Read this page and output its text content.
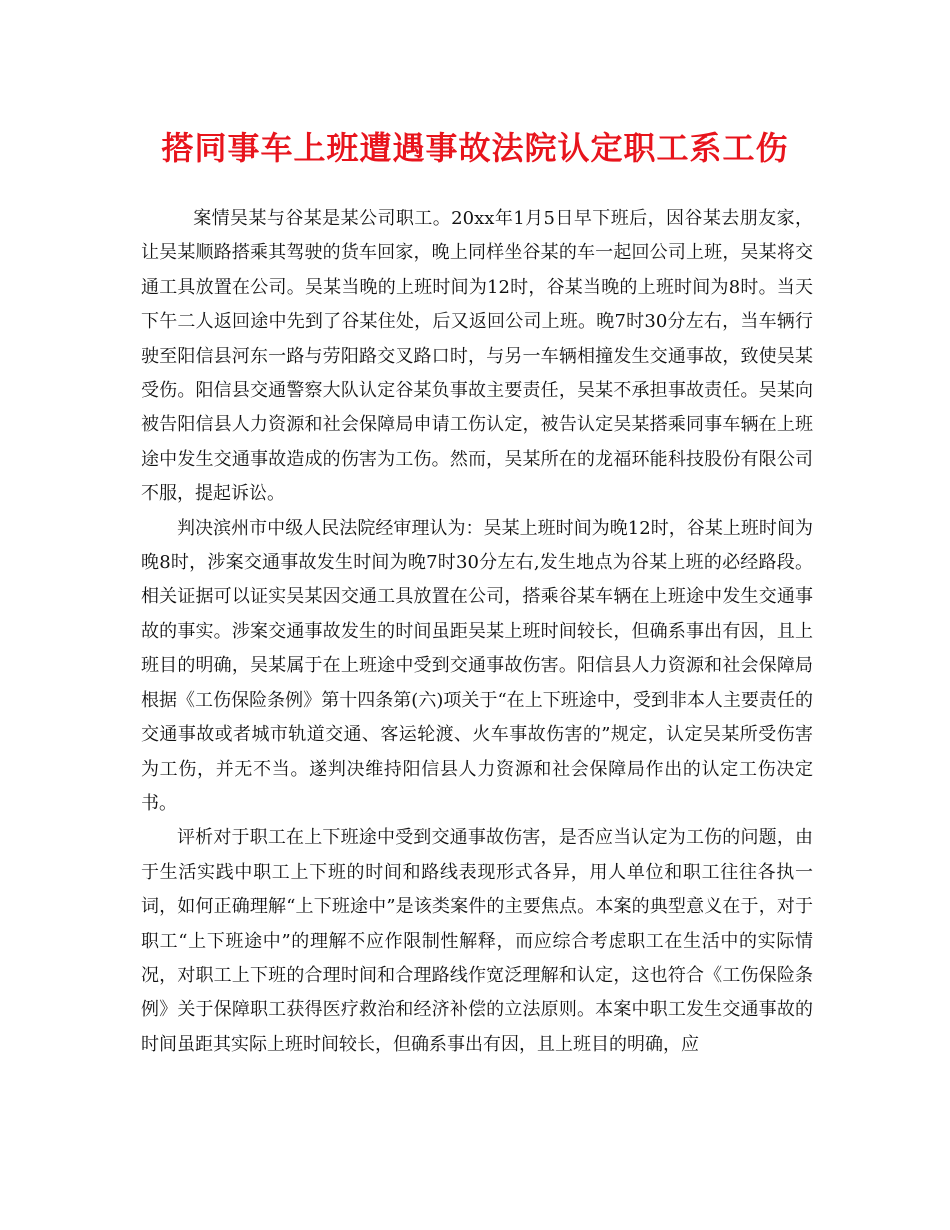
搭同事车上班遭遇事故法院认定职工系工伤

案情吴某与谷某是某公司职工。20xx年1月5日早下班后，因谷某去朋友家，让吴某顺路搭乘其驾驶的货车回家，晚上同样坐谷某的车一起回公司上班，吴某将交通工具放置在公司。吴某当晚的上班时间为12时，谷某当晚的上班时间为8时。当天下午二人返回途中先到了谷某住处，后又返回公司上班。晚7时30分左右，当车辆行驶至阳信县河东一路与劳阳路交叉路口时，与另一车辆相撞发生交通事故，致使吴某受伤。阳信县交通警察大队认定谷某负事故主要责任，吴某不承担事故责任。吴某向被告阳信县人力资源和社会保障局申请工伤认定，被告认定吴某搭乘同事车辆在上班途中发生交通事故造成的伤害为工伤。然而，吴某所在的龙福环能科技股份有限公司不服，提起诉讼。

判决滨州市中级人民法院经审理认为：吴某上班时间为晚12时，谷某上班时间为晚8时，涉案交通事故发生时间为晚7时30分左右,发生地点为谷某上班的必经路段。相关证据可以证实吴某因交通工具放置在公司，搭乘谷某车辆在上班途中发生交通事故的事实。涉案交通事故发生的时间虽距吴某上班时间较长，但确系事出有因，且上班目的明确，吴某属于在上班途中受到交通事故伤害。阳信县人力资源和社会保障局根据《工伤保险条例》第十四条第(六)项关于“在上下班途中，受到非本人主要责任的交通事故或者城市轨道交通、客运轮渡、火车事故伤害的”规定，认定吴某所受伤害为工伤，并无不当。遂判决维持阳信县人力资源和社会保障局作出的认定工伤决定书。

评析对于职工在上下班途中受到交通事故伤害，是否应当认定为工伤的问题，由于生活实践中职工上下班的时间和路线表现形式各异，用人单位和职工往往各执一词，如何正确理解“上下班途中”是该类案件的主要焦点。本案的典型意义在于，对于职工“上下班途中”的理解不应作限制性解释，而应综合考虑职工在生活中的实际情况，对职工上下班的合理时间和合理路线作宽泛理解和认定，这也符合《工伤保险条例》关于保障职工获得医疗救治和经济补偿的立法原则。本案中职工发生交通事故的时间虽距其实际上班时间较长，但确系事出有因，且上班目的明确，应
